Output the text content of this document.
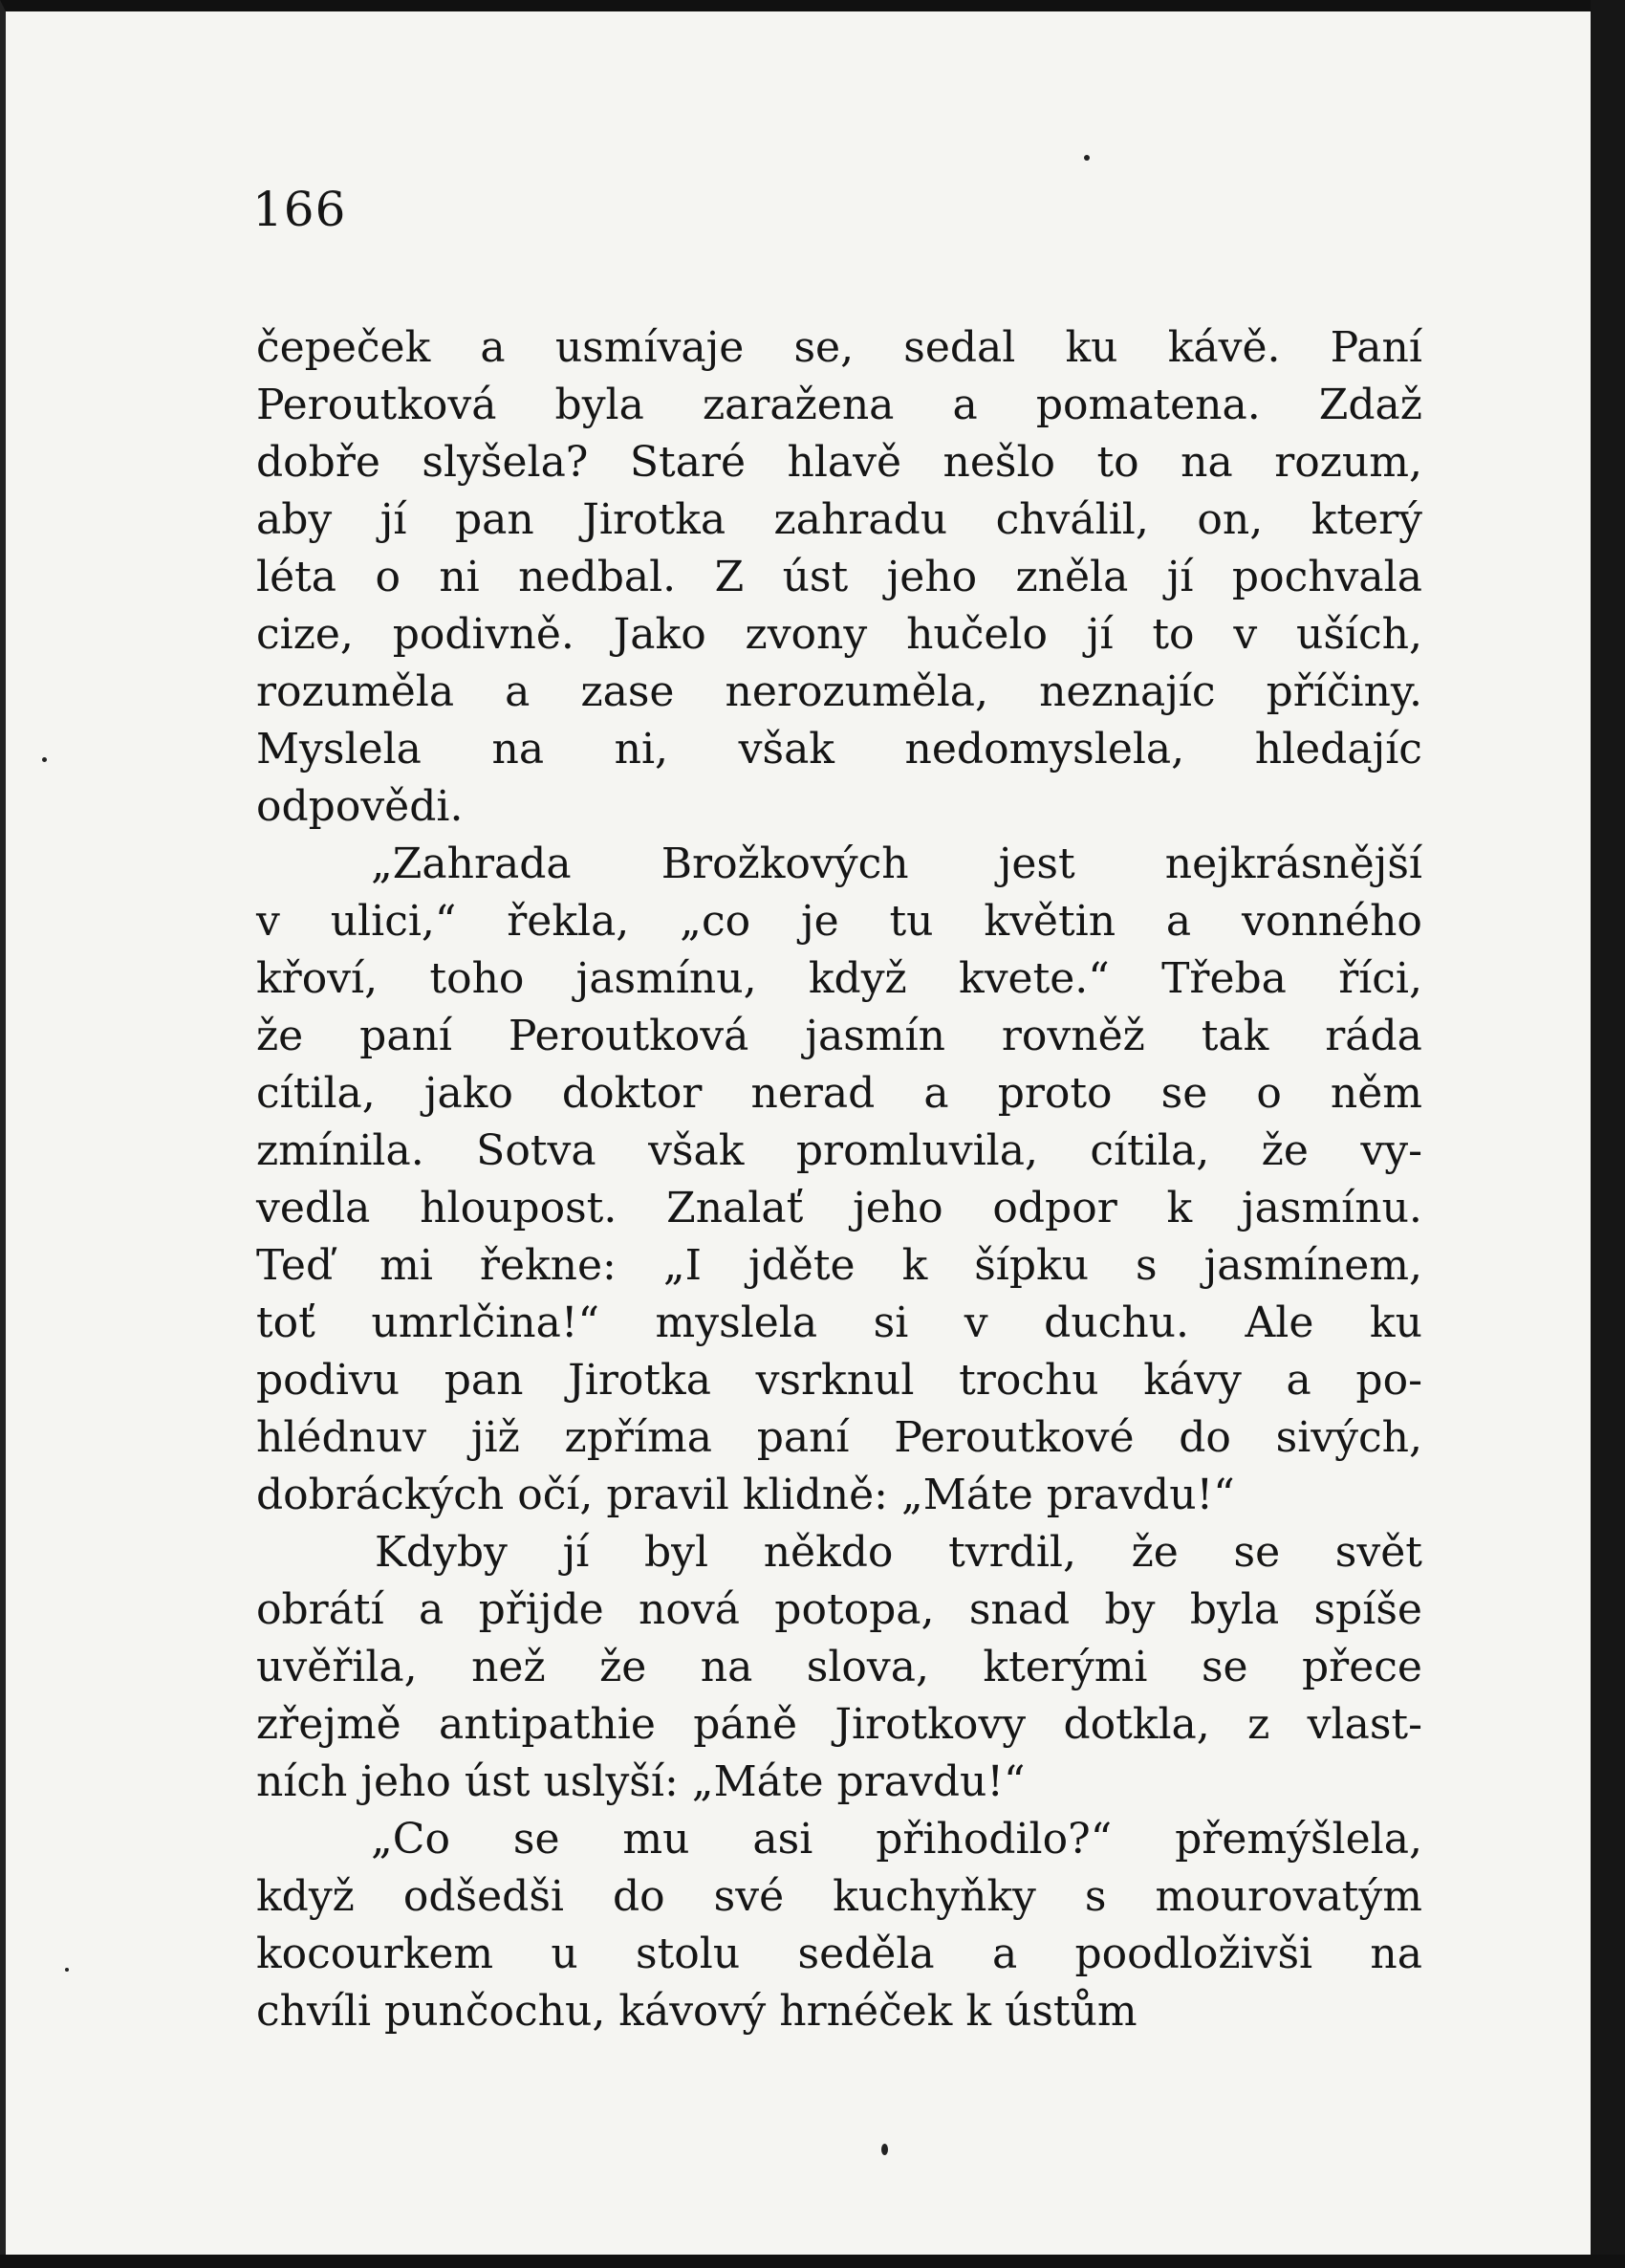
166
čepeček a usmívaje se, sedal ku kávě. Paní
Peroutková byla zaražena a pomatena. Zdaž
dobře slyšela? Staré hlavě nešlo to na rozum,
aby jí pan Jirotka zahradu chválil, on, který
léta o ni nedbal. Z úst jeho zněla jí pochvala
cize, podivně. Jako zvony hučelo jí to v uších,
rozuměla a zase nerozuměla, neznajíc příčiny.
Myslela na ni, však nedomyslela, hledajíc
odpovědi.
„Zahrada Brožkových jest nejkrásnější
v ulici,“ řekla, „co je tu květin a vonného
křoví, toho jasmínu, když kvete.“ Třeba říci,
že paní Peroutková jasmín rovněž tak ráda
cítila, jako doktor nerad a proto se o něm
zmínila. Sotva však promluvila, cítila, že vy-
vedla hloupost. Znalať jeho odpor k jasmínu.
Teď mi řekne: „I jděte k šípku s jasmínem,
toť umrlčina!“ myslela si v duchu. Ale ku
podivu pan Jirotka vsrknul trochu kávy a po-
hlédnuv již zpříma paní Peroutkové do sivých,
dobráckých očí, pravil klidně: „Máte pravdu!“
Kdyby jí byl někdo tvrdil, že se svět
obrátí a přijde nová potopa, snad by byla spíše
uvěřila, než že na slova, kterými se přece
zřejmě antipathie páně Jirotkovy dotkla, z vlast-
ních jeho úst uslyší: „Máte pravdu!“
„Co se mu asi přihodilo?“ přemýšlela,
když odšedši do své kuchyňky s mourovatým
kocourkem u stolu seděla a poodloživši na
chvíli punčochu, kávový hrnéček k ústům
